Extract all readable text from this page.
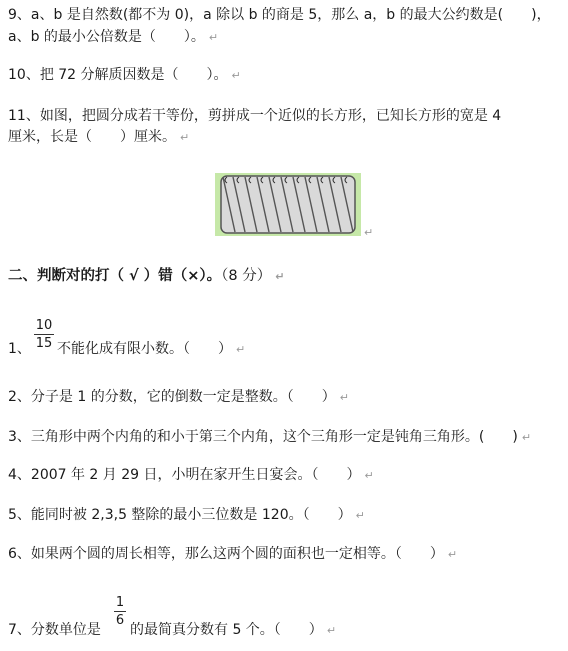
9、a、b 是自然数(都不为 0)，a 除以 b 的商是 5，那么 a，b 的最大公约数是(　　)，
a、b 的最小公倍数是（　　）。 ↵
10、把 72 分解质因数是（　　）。 ↵
11、如图，把圆分成若干等份，剪拼成一个近似的长方形，已知长方形的宽是 4
厘米，长是（　　）厘米。 ↵
↵
二、判断对的打（ √ ）错（×）。（8 分） ↵
10
15
1、 不能化成有限小数。（　　） ↵
2、分子是 1 的分数，它的倒数一定是整数。（　　） ↵
3、三角形中两个内角的和小于第三个内角，这个三角形一定是钝角三角形。(　　) ↵
4、2007 年 2 月 29 日，小明在家开生日宴会。（　　） ↵
5、能同时被 2,3,5 整除的最小三位数是 120。（　　） ↵
6、如果两个圆的周长相等，那么这两个圆的面积也一定相等。（　　） ↵
7、分数单位是
1
6
的最简真分数有 5 个。（　　） ↵
